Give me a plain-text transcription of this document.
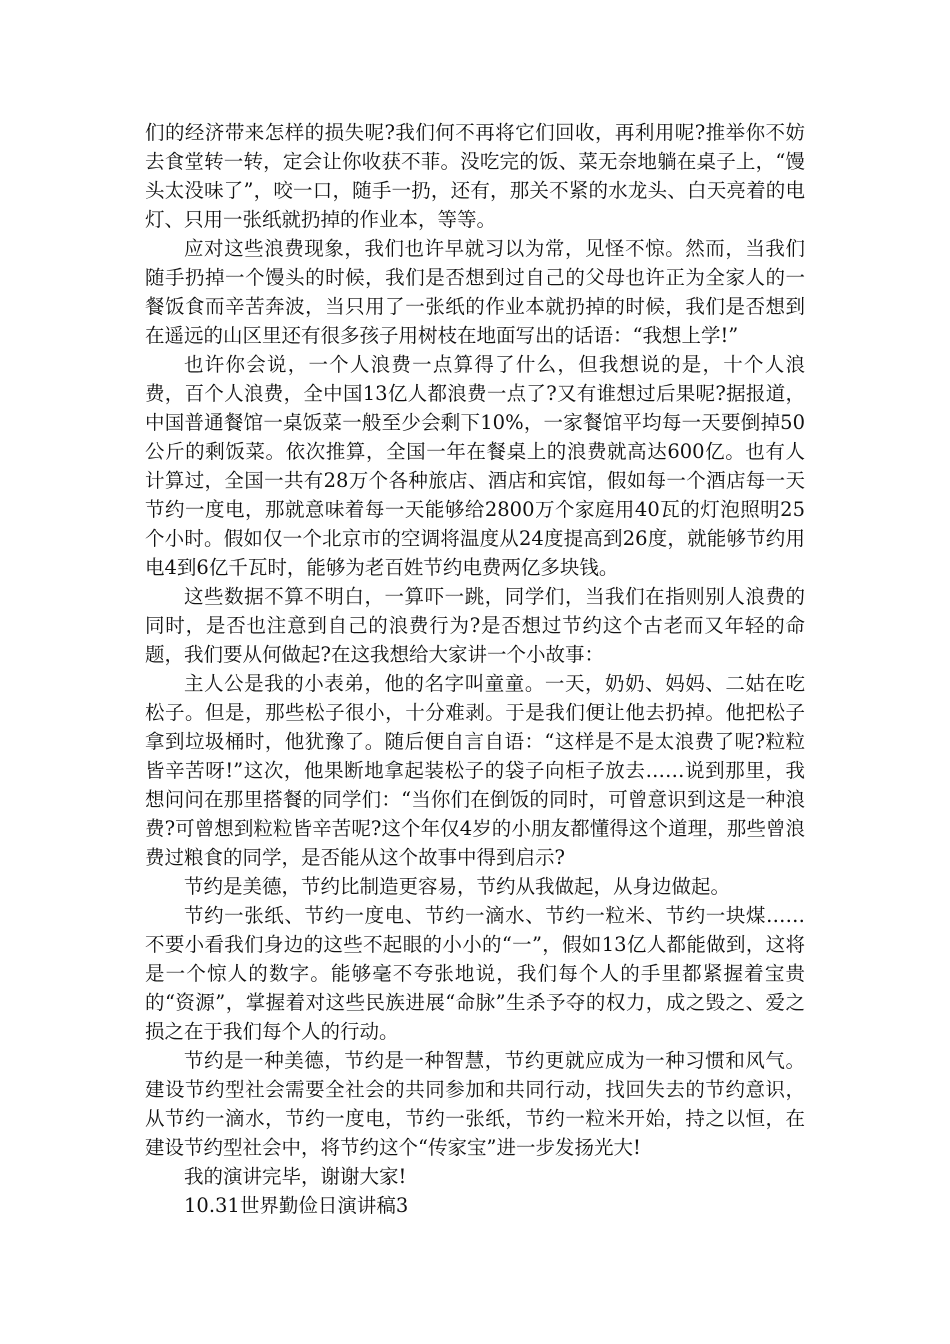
们的经济带来怎样的损失呢?我们何不再将它们回收，再利用呢?推举你不妨去食堂转一转，定会让你收获不菲。没吃完的饭、菜无奈地躺在桌子上，“馒头太没味了”，咬一口，随手一扔，还有，那关不紧的水龙头、白天亮着的电灯、只用一张纸就扔掉的作业本，等等。

应对这些浪费现象，我们也许早就习以为常，见怪不惊。然而，当我们随手扔掉一个馒头的时候，我们是否想到过自己的父母也许正为全家人的一餐饭食而辛苦奔波，当只用了一张纸的作业本就扔掉的时候，我们是否想到在遥远的山区里还有很多孩子用树枝在地面写出的话语：“我想上学!”

也许你会说，一个人浪费一点算得了什么，但我想说的是，十个人浪费，百个人浪费，全中国13亿人都浪费一点了?又有谁想过后果呢?据报道，中国普通餐馆一桌饭菜一般至少会剩下10%，一家餐馆平均每一天要倒掉50公斤的剩饭菜。依次推算，全国一年在餐桌上的浪费就高达600亿。也有人计算过，全国一共有28万个各种旅店、酒店和宾馆，假如每一个酒店每一天节约一度电，那就意味着每一天能够给2800万个家庭用40瓦的灯泡照明25个小时。假如仅一个北京市的空调将温度从24度提高到26度，就能够节约用电4到6亿千瓦时，能够为老百姓节约电费两亿多块钱。

这些数据不算不明白，一算吓一跳，同学们，当我们在指则别人浪费的同时，是否也注意到自己的浪费行为?是否想过节约这个古老而又年轻的命题，我们要从何做起?在这我想给大家讲一个小故事：

主人公是我的小表弟，他的名字叫童童。一天，奶奶、妈妈、二姑在吃松子。但是，那些松子很小，十分难剥。于是我们便让他去扔掉。他把松子拿到垃圾桶时，他犹豫了。随后便自言自语：“这样是不是太浪费了呢?粒粒皆辛苦呀!”这次，他果断地拿起装松子的袋子向柜子放去……说到那里，我想问问在那里搭餐的同学们：“当你们在倒饭的同时，可曾意识到这是一种浪费?可曾想到粒粒皆辛苦呢?这个年仅4岁的小朋友都懂得这个道理，那些曾浪费过粮食的同学，是否能从这个故事中得到启示?

节约是美德，节约比制造更容易，节约从我做起，从身边做起。

节约一张纸、节约一度电、节约一滴水、节约一粒米、节约一块煤……不要小看我们身边的这些不起眼的小小的“一”，假如13亿人都能做到，这将是一个惊人的数字。能够毫不夸张地说，我们每个人的手里都紧握着宝贵的“资源”，掌握着对这些民族进展“命脉”生杀予夺的权力，成之毁之、爱之损之在于我们每个人的行动。

节约是一种美德，节约是一种智慧，节约更就应成为一种习惯和风气。建设节约型社会需要全社会的共同参加和共同行动，找回失去的节约意识，从节约一滴水，节约一度电，节约一张纸，节约一粒米开始，持之以恒，在建设节约型社会中，将节约这个“传家宝”进一步发扬光大!

我的演讲完毕，谢谢大家!

10.31世界勤俭日演讲稿3
